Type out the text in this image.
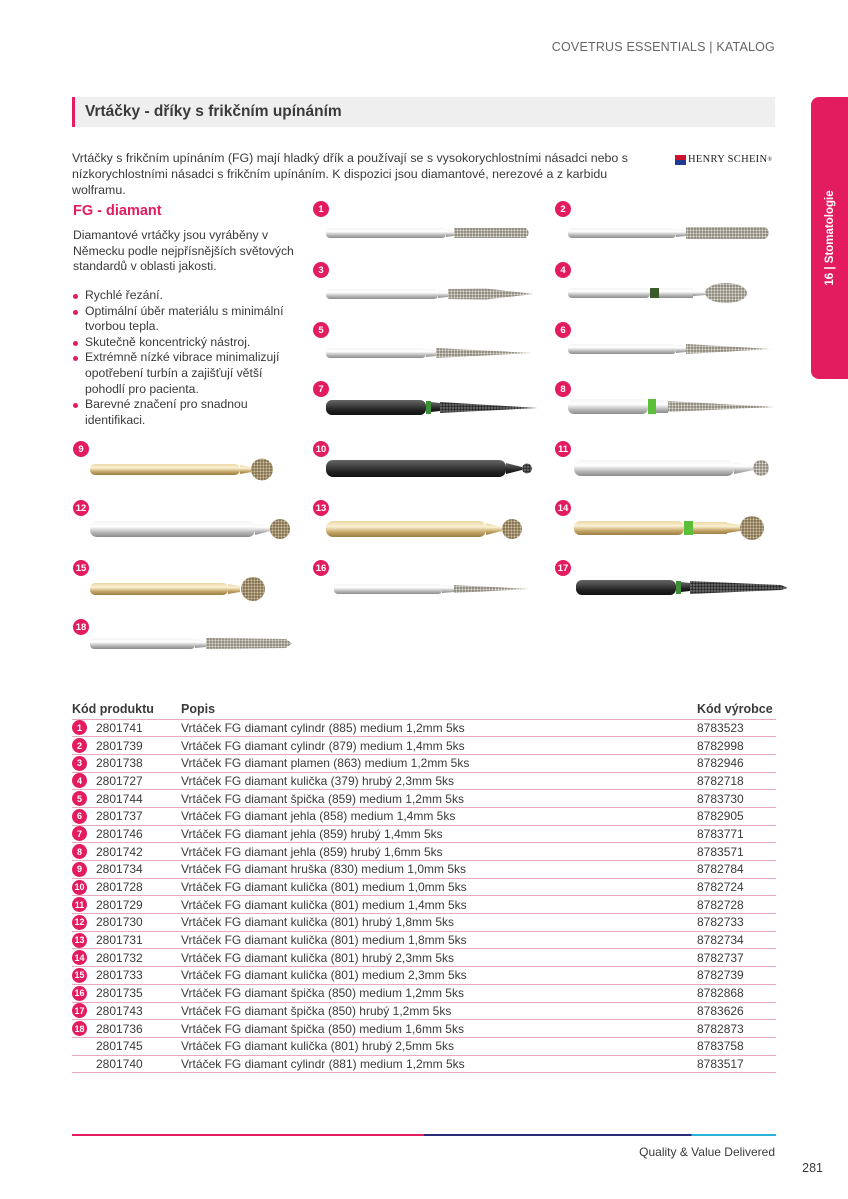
COVETRUS ESSENTIALS | KATALOG
Vrtáčky - dříky s frikčním upínáním
16 | Stomatologie

Vrtáčky s frikčním upínáním (FG) mají hladký dřík a používají se s vysokorychlostními násadci nebo s nízkorychlostními násadci s frikčním upínáním. K dispozici jsou diamantové, nerezové a z karbidu wolframu.

HENRY SCHEIN ®
FG - diamant

Diamantové vrtáčky jsou vyráběny v Německu podle nejpřísnějších světových standardů v oblasti jakosti.

Rychlé řezání.
Optimální úběr materiálu s minimální tvorbou tepla.
Skutečně koncentrický nástroj.
Extrémně nízké vibrace minimalizují opotřebení turbín a zajišťují větší pohodlí pro pacienta.
Barevné značení pro snadnou identifikaci.
1	2
3	4
5	6
7	8
9	10	11
12	13	14
15	16	17
18
Kód produktu	Popis	Kód výrobce

1 2801741	Vrtáček FG diamant cylindr (885) medium 1,2mm 5ks	8783523

2 2801739	Vrtáček FG diamant cylindr (879) medium 1,4mm 5ks	8782998

3 2801738	Vrtáček FG diamant plamen (863) medium 1,2mm 5ks	8782946

4 2801727	Vrtáček FG diamant kulička (379) hrubý 2,3mm 5ks	8782718

5 2801744	Vrtáček FG diamant špička (859) medium 1,2mm 5ks	8783730

6 2801737	Vrtáček FG diamant jehla (858) medium 1,4mm 5ks	8782905

7 2801746	Vrtáček FG diamant jehla (859) hrubý 1,4mm 5ks	8783771

8 2801742	Vrtáček FG diamant jehla (859) hrubý 1,6mm 5ks	8783571

9 2801734	Vrtáček FG diamant hruška (830) medium 1,0mm 5ks	8782784

10 2801728	Vrtáček FG diamant kulička (801) medium 1,0mm 5ks	8782724

11 2801729	Vrtáček FG diamant kulička (801) medium 1,4mm 5ks	8782728

12 2801730	Vrtáček FG diamant kulička (801) hrubý 1,8mm 5ks	8782733

13 2801731	Vrtáček FG diamant kulička (801) medium 1,8mm 5ks	8782734

14 2801732	Vrtáček FG diamant kulička (801) hrubý 2,3mm 5ks	8782737

15 2801733	Vrtáček FG diamant kulička (801) medium 2,3mm 5ks	8782739

16 2801735	Vrtáček FG diamant špička (850) medium 1,2mm 5ks	8782868

17 2801743	Vrtáček FG diamant špička (850) hrubý 1,2mm 5ks	8783626

18 2801736	Vrtáček FG diamant špička (850) medium 1,6mm 5ks	8782873

2801745	Vrtáček FG diamant kulička (801) hrubý 2,5mm 5ks	8783758

2801740	Vrtáček FG diamant cylindr (881) medium 1,2mm 5ks	8783517
Quality & Value Delivered
281
